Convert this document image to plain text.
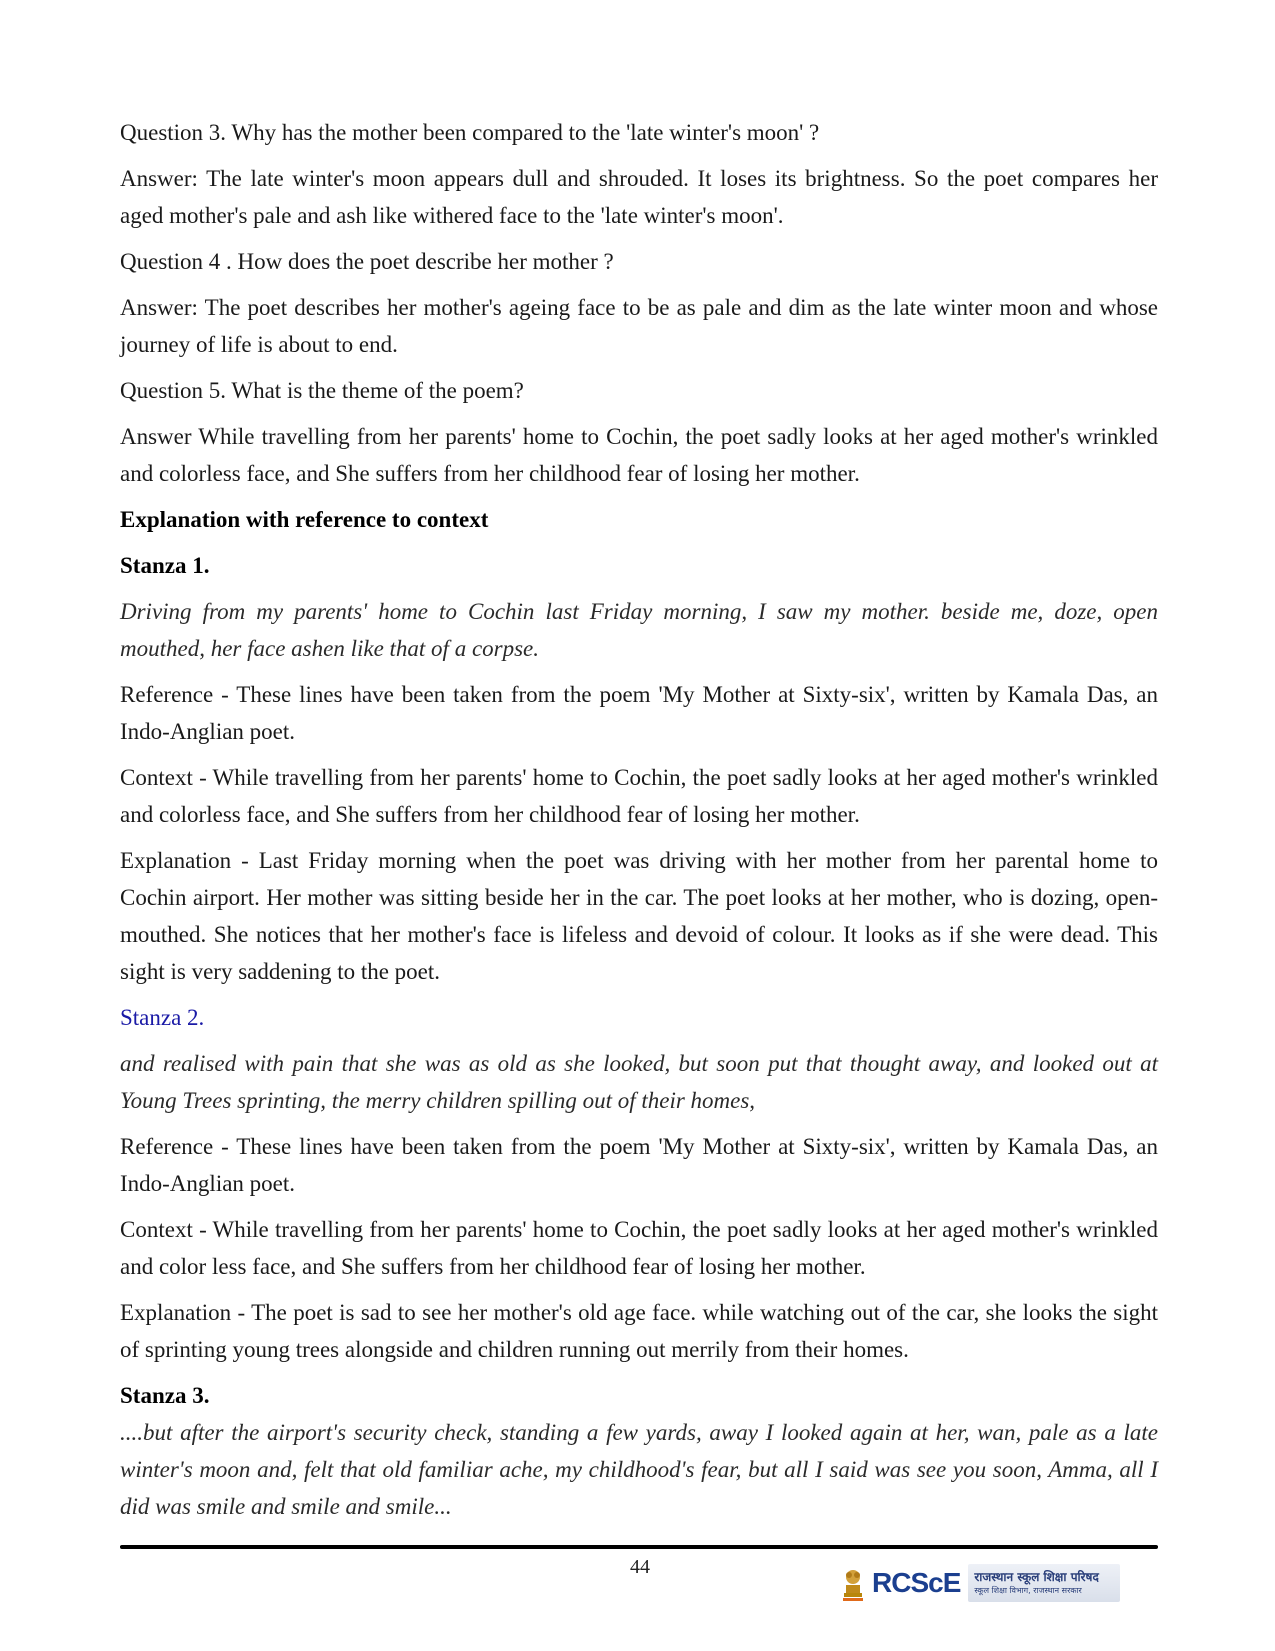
Question 3. Why has the mother been compared to the 'late winter's moon' ?

Answer: The late winter's moon appears dull and shrouded. It loses its brightness. So the poet compares her aged mother's pale and ash like withered face to the 'late winter's moon'.

Question 4 . How does the poet describe her mother ?

Answer: The poet describes her mother's ageing face to be as pale and dim as the late winter moon and whose journey of life is about to end.

Question 5. What is the theme of the poem?

Answer While travelling from her parents' home to Cochin, the poet sadly looks at her aged mother's wrinkled and colorless face, and She suffers from her childhood fear of losing her mother.

Explanation with reference to context

Stanza 1.

Driving from my parents' home to Cochin last Friday morning, I saw my mother. beside me, doze, open mouthed, her face ashen like that of a corpse.

Reference - These lines have been taken from the poem 'My Mother at Sixty-six', written by Kamala Das, an Indo-Anglian poet.

Context - While travelling from her parents' home to Cochin, the poet sadly looks at her aged mother's wrinkled and colorless face, and She suffers from her childhood fear of losing her mother.

Explanation - Last Friday morning when the poet was driving with her mother from her parental home to Cochin airport. Her mother was sitting beside her in the car. The poet looks at her mother, who is dozing, open-mouthed. She notices that her mother's face is lifeless and devoid of colour. It looks as if she were dead. This sight is very saddening to the poet.

Stanza 2.

and realised with pain that she was as old as she looked, but soon put that thought away, and looked out at Young Trees sprinting, the merry children spilling out of their homes,

Reference - These lines have been taken from the poem 'My Mother at Sixty-six', written by Kamala Das, an Indo-Anglian poet.

Context - While travelling from her parents' home to Cochin, the poet sadly looks at her aged mother's wrinkled and color less face, and She suffers from her childhood fear of losing her mother.

Explanation - The poet is sad to see her mother's old age face. while watching out of the car, she looks the sight of sprinting young trees alongside and children running out merrily from their homes.

Stanza 3.

....but after the airport's security check, standing a few yards, away I looked again at her, wan, pale as a late winter's moon and, felt that old familiar ache, my childhood's fear, but all I said was see you soon, Amma, all I did was smile and smile and smile...

44	RCScE राजस्थान स्कूल शिक्षा परिषद
स्कूल शिक्षा विभाग, राजस्थान सरकार
